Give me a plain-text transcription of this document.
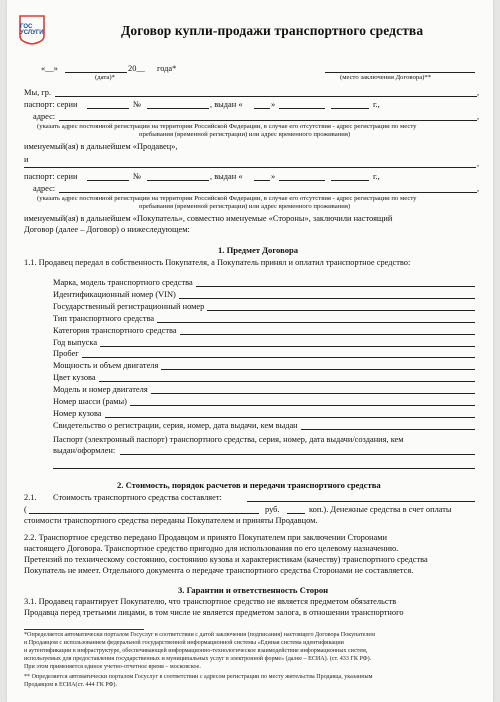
ГОС
УСЛУГИ	Договор купли-продажи транспортного средства
«__»	20__ года*
(дата)*	(место заключения Договора)**
Мы, гр.	,
паспорт: серии	№	, выдан «	»	г.,
адрес:	,
(указать адрес постоянной регистрации на территории Российской Федерации, в случае его отсутствия - адрес регистрации по месту
пребывания (временной регистрации) или адрес временного проживания)
именуемый(ая) в дальнейшем «Продавец»,
и	,
паспорт: серии	№	, выдан «	»	г.,
адрес:	,
(указать адрес постоянной регистрации на территории Российской Федерации, в случае его отсутствия - адрес регистрации по месту
пребывания (временной регистрации) или адрес временного проживания)
именуемый(ая) в дальнейшем «Покупатель», совместно именуемые «Стороны», заключили настоящий
Договор (далее – Договор) о нижеследующем:
1. Предмет Договора
1.1. Продавец передал в собственность Покупателя, а Покупатель принял и оплатил транспортное средство:
Марка, модель транспортного средства
Идентификационный номер (VIN)
Государственный регистрационный номер
Тип транспортного средства
Категория транспортного средства
Год выпуска
Пробег
Мощность и объем двигателя
Цвет кузова
Модель и номер двигателя
Номер шасси (рамы)
Номер кузова
Свидетельство о регистрации, серия, номер, дата выдачи, кем выдан
Паспорт (электронный паспорт) транспортного средства, серия, номер, дата выдачи/создания, кем
выдан/оформлен:
2. Стоимость, порядок расчетов и передачи транспортного средства
2.1. Стоимость транспортного средства составляет:
(	руб.	коп.). Денежные средства в счет оплаты
стоимости транспортного средства переданы Покупателем и приняты Продавцом.
2.2. Транспортное средство передано Продавцом и принято Покупателем при заключении Сторонами
настоящего Договора. Транспортное средство пригодно для использования по его целевому назначению.
Претензий по техническому состоянию, состоянию кузова и характеристикам (качеству) транспортного средства
Покупатель не имеет. Отдельного документа о передаче транспортного средства Сторонами не составляется.
3. Гарантии и ответственность Сторон
3.1. Продавец гарантирует Покупателю, что транспортное средство не является предметом обязательств
Продавца перед третьими лицами, в том числе не является предметом залога, в отношении транспортного
*Определяется автоматически порталом Госуслуг в соответствии с датой заключения (подписания) настоящего Договора Покупателем
и Продавцом с использованием федеральной государственной информационной системы «Единая система идентификации
и аутентификации в инфраструктуре, обеспечивающей информационно-технологическое взаимодействие информационных систем,
используемых для предоставления государственных и муниципальных услуг в электронной форме» (далее – ЕСИА). (ст. 433 ГК РФ).
При этом применяется единое учетно-отчетное время – московское.
** Определяется автоматически порталом Госуслуг в соответствии с адресом регистрации по месту жительства Продавца, указанным
Продавцом в ЕСИА(ст. 444 ГК РФ).
